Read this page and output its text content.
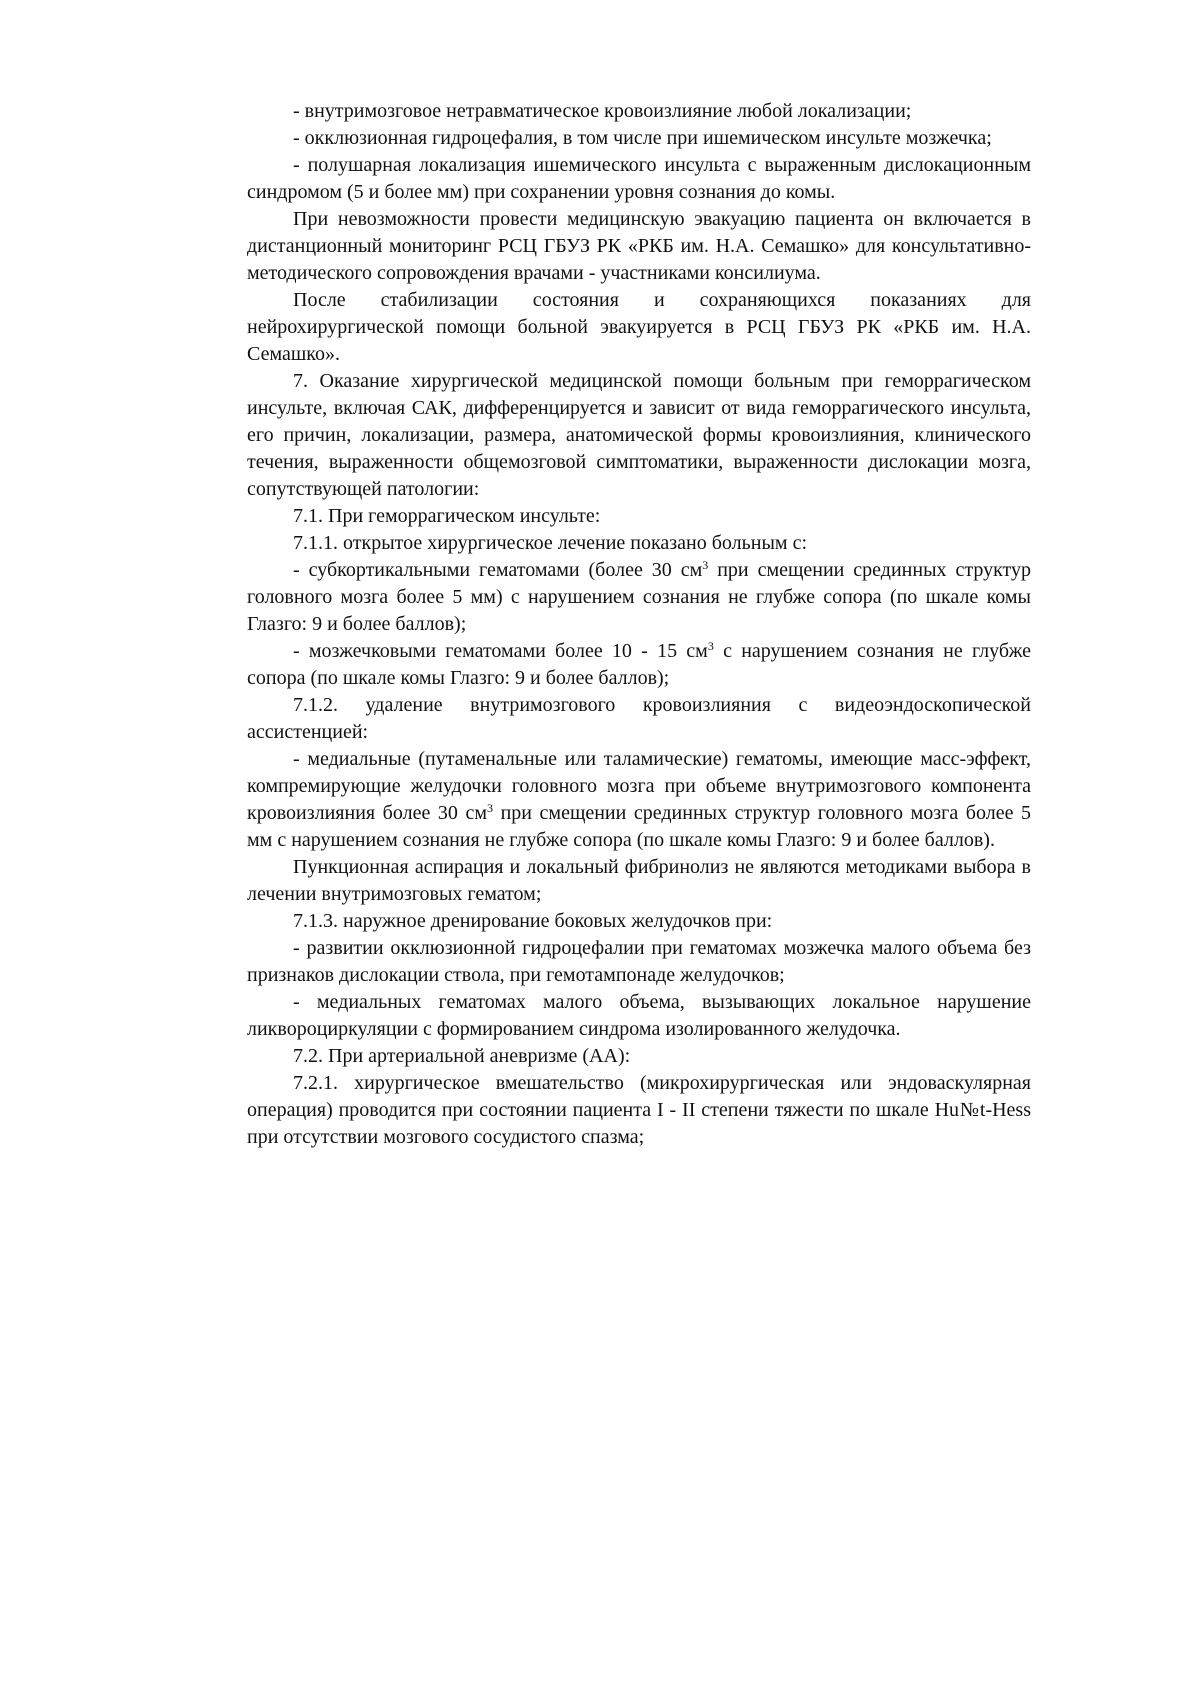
- внутримозговое нетравматическое кровоизлияние любой локализации;

- окклюзионная гидроцефалия, в том числе при ишемическом инсульте мозжечка;

- полушарная локализация ишемического инсульта с выраженным дислокационным синдромом (5 и более мм) при сохранении уровня сознания до комы.

При невозможности провести медицинскую эвакуацию пациента он включается в дистанционный мониторинг РСЦ ГБУЗ РК «РКБ им. Н.А. Семашко» для консультативно-методического сопровождения врачами - участниками консилиума.

После стабилизации состояния и сохраняющихся показаниях для нейрохирургической помощи больной эвакуируется в РСЦ ГБУЗ РК «РКБ им. Н.А. Семашко».

7. Оказание хирургической медицинской помощи больным при геморрагическом инсульте, включая САК, дифференцируется и зависит от вида геморрагического инсульта, его причин, локализации, размера, анатомической формы кровоизлияния, клинического течения, выраженности общемозговой симптоматики, выраженности дислокации мозга, сопутствующей патологии:

7.1. При геморрагическом инсульте:

7.1.1. открытое хирургическое лечение показано больным с:

- субкортикальными гематомами (более 30 $см^3$ при смещении срединных структур головного мозга более 5 мм) с нарушением сознания не глубже сопора (по шкале комы Глазго: 9 и более баллов);

- мозжечковыми гематомами более 10 - 15 $см^3$ с нарушением сознания не глубже сопора (по шкале комы Глазго: 9 и более баллов);

7.1.2. удаление внутримозгового кровоизлияния с видеоэндоскопической ассистенцией:

- медиальные (путаменальные или таламические) гематомы, имеющие масс-эффект, компремирующие желудочки головного мозга при объеме внутримозгового компонента кровоизлияния более 30 $см^3$ при смещении срединных структур головного мозга более 5 мм с нарушением сознания не глубже сопора (по шкале комы Глазго: 9 и более баллов).

Пункционная аспирация и локальный фибринолиз не являются методиками выбора в лечении внутримозговых гематом;

7.1.3. наружное дренирование боковых желудочков при:

- развитии окклюзионной гидроцефалии при гематомах мозжечка малого объема без признаков дислокации ствола, при гемотампонаде желудочков;

- медиальных гематомах малого объема, вызывающих локальное нарушение ликвороциркуляции с формированием синдрома изолированного желудочка.

7.2. При артериальной аневризме (АА):

7.2.1. хирургическое вмешательство (микрохирургическая или эндоваскулярная операция) проводится при состоянии пациента I - II степени тяжести по шкале Hu№t-Hess при отсутствии мозгового сосудистого спазма;
